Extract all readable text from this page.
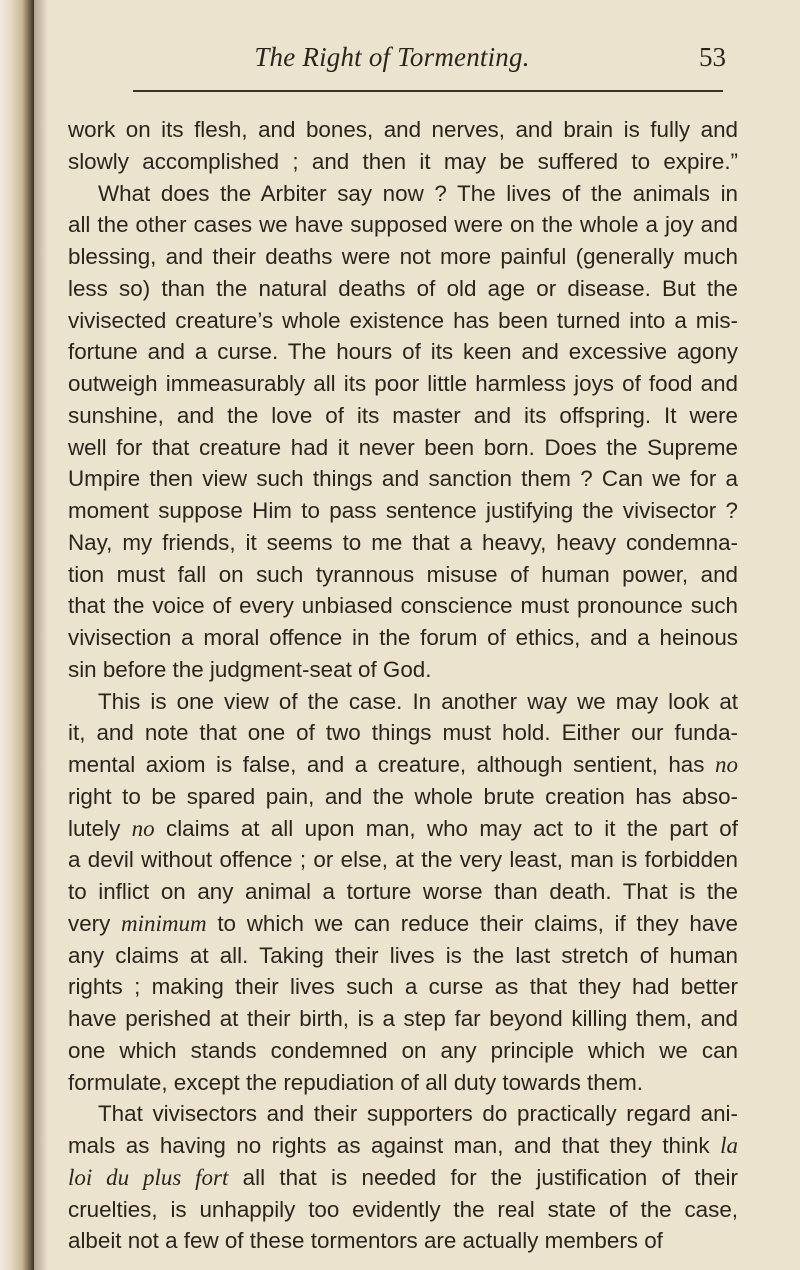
The Right of Tormenting.	53
work on its flesh, and bones, and nerves, and brain is fully and
slowly accomplished ; and then it may be suffered to expire.”
What does the Arbiter say now ? The lives of the animals in
all the other cases we have supposed were on the whole a joy and
blessing, and their deaths were not more painful (generally much
less so) than the natural deaths of old age or disease. But the
vivisected creature’s whole existence has been turned into a mis-
fortune and a curse. The hours of its keen and excessive agony
outweigh immeasurably all its poor little harmless joys of food and
sunshine, and the love of its master and its offspring. It were
well for that creature had it never been born. Does the Supreme
Umpire then view such things and sanction them ? Can we for a
moment suppose Him to pass sentence justifying the vivisector ?
Nay, my friends, it seems to me that a heavy, heavy condemna-
tion must fall on such tyrannous misuse of human power, and
that the voice of every unbiased conscience must pronounce such
vivisection a moral offence in the forum of ethics, and a heinous
sin before the judgment-seat of God.
This is one view of the case. In another way we may look at
it, and note that one of two things must hold. Either our funda-
mental axiom is false, and a creature, although sentient, has no
right to be spared pain, and the whole brute creation has abso-
lutely no claims at all upon man, who may act to it the part of
a devil without offence ; or else, at the very least, man is forbidden
to inflict on any animal a torture worse than death. That is the
very minimum to which we can reduce their claims, if they have
any claims at all. Taking their lives is the last stretch of human
rights ; making their lives such a curse as that they had better
have perished at their birth, is a step far beyond killing them, and
one which stands condemned on any principle which we can
formulate, except the repudiation of all duty towards them.
That vivisectors and their supporters do practically regard ani-
mals as having no rights as against man, and that they think la
loi du plus fort all that is needed for the justification of their
cruelties, is unhappily too evidently the real state of the case,
albeit not a few of these tormentors are actually members of
